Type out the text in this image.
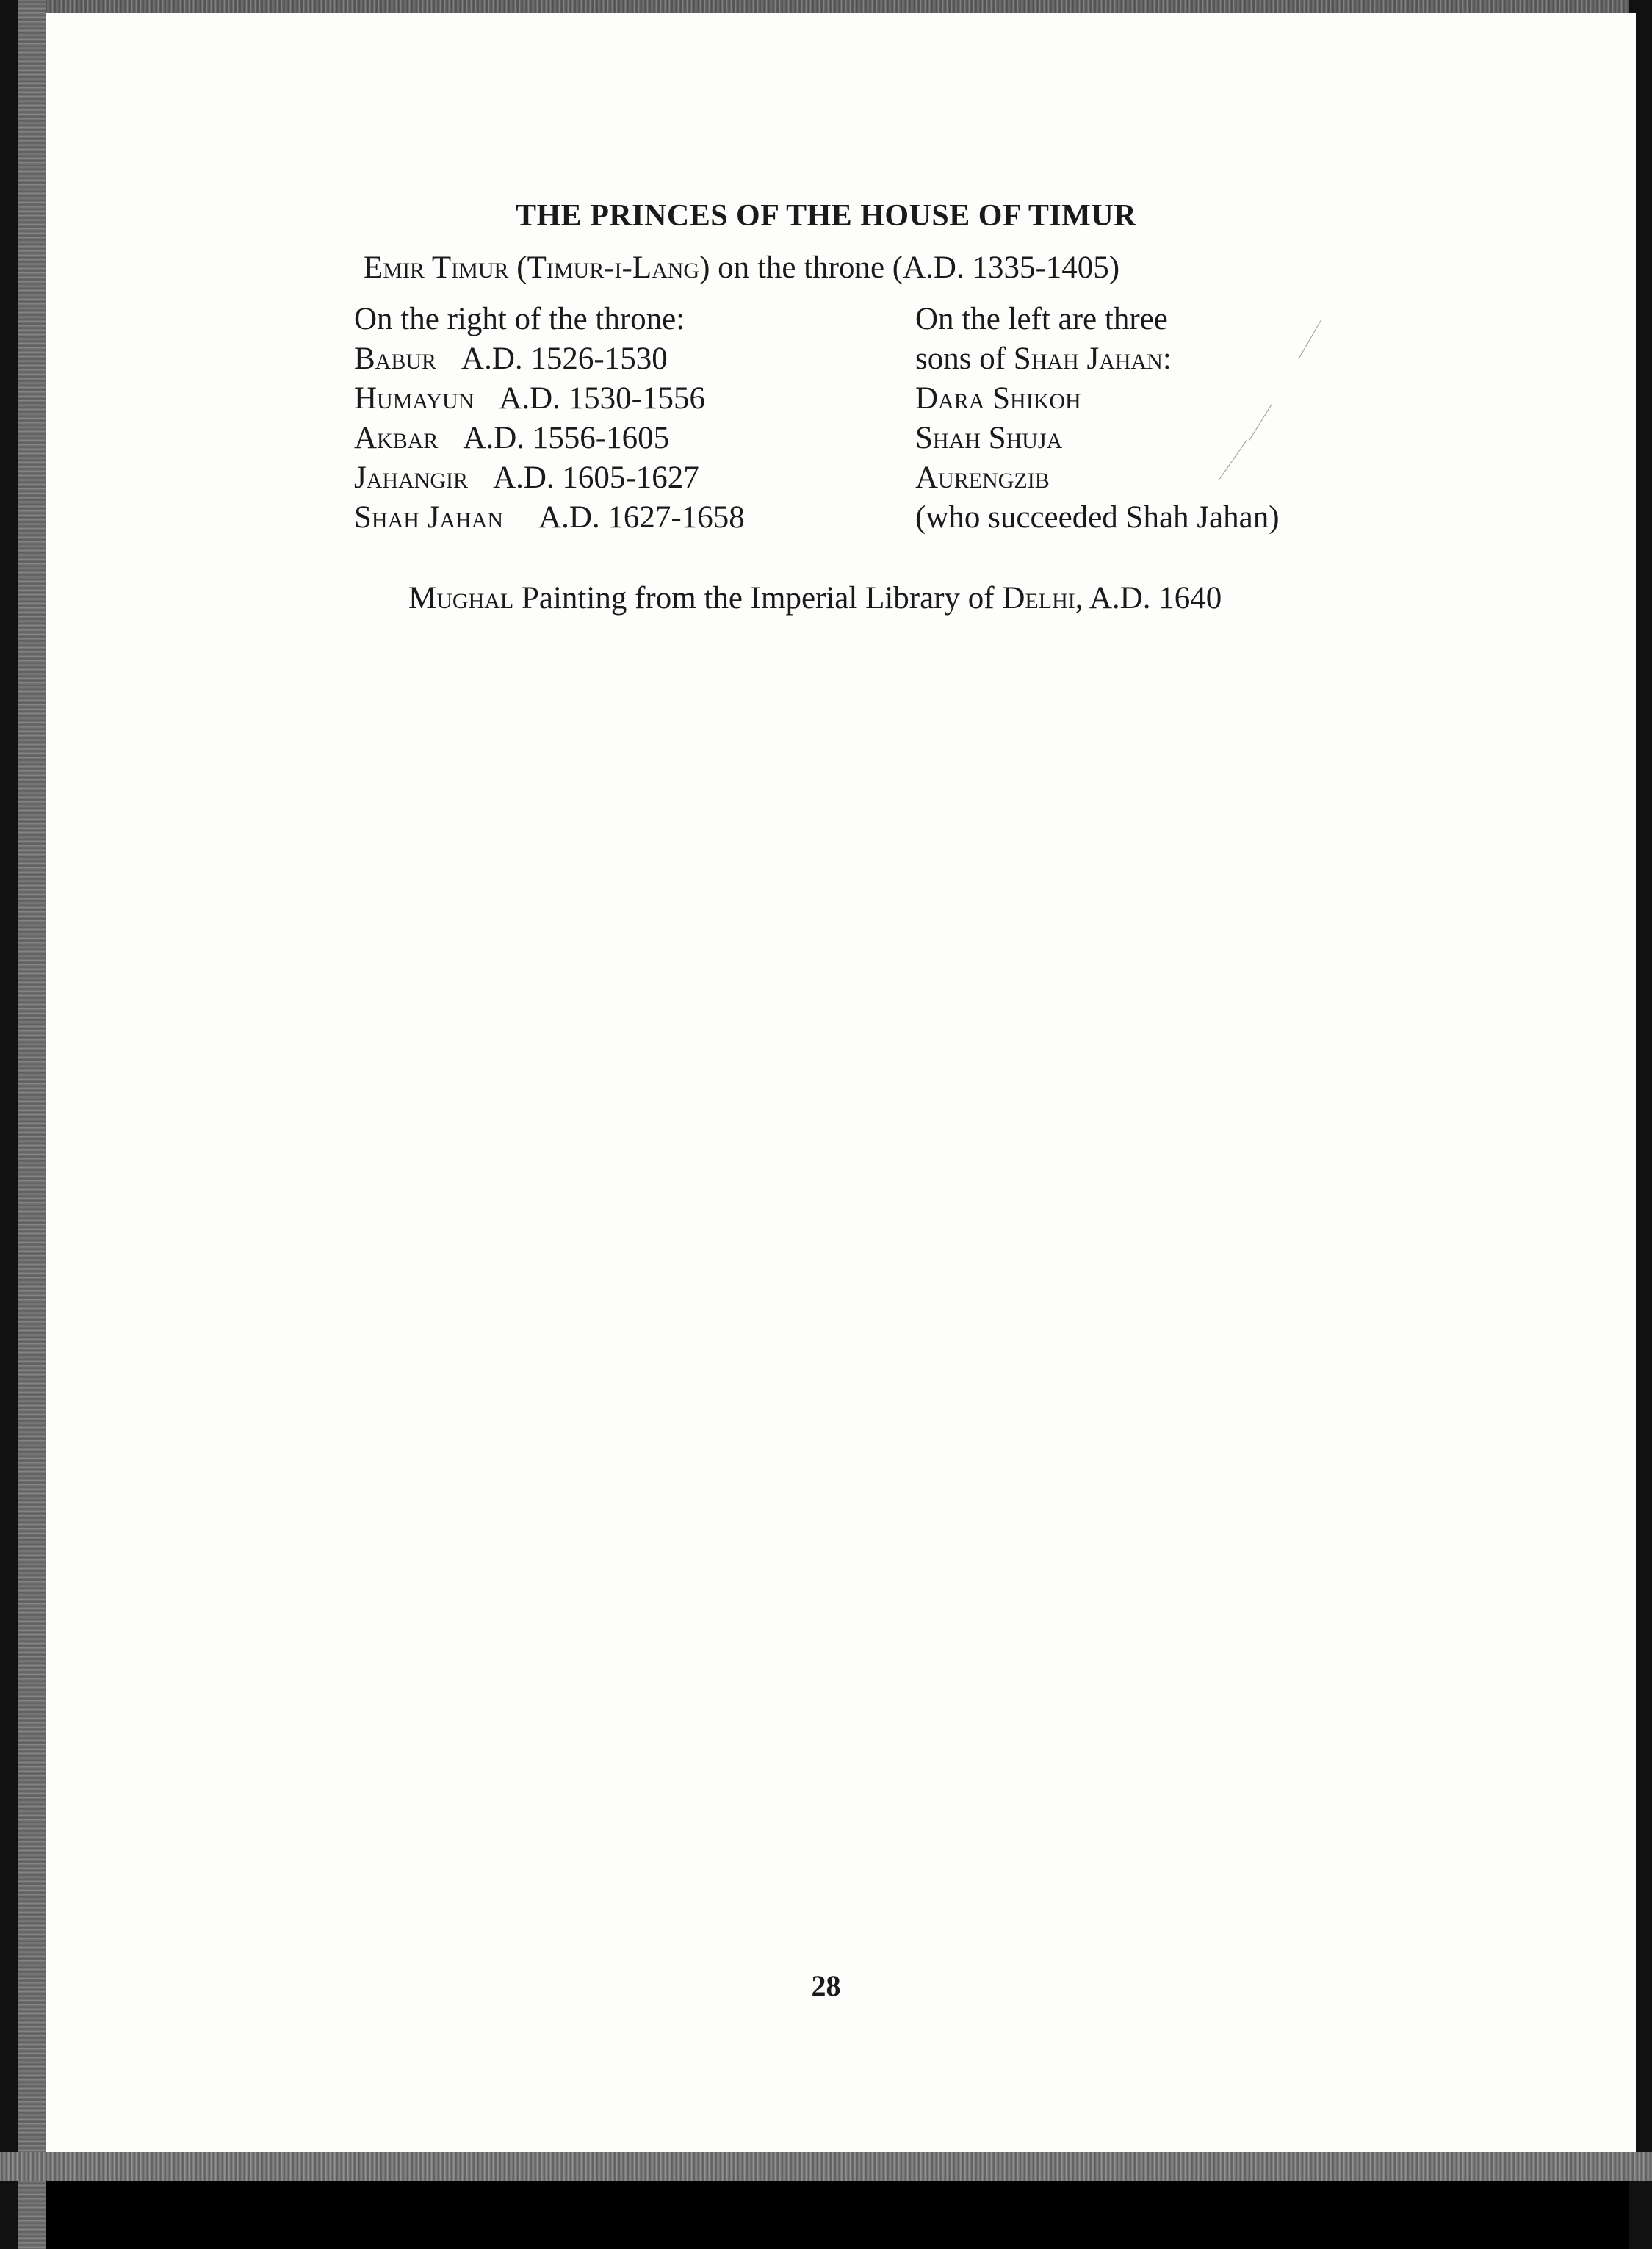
THE PRINCES OF THE HOUSE OF TIMUR
Emir Timur (Timur-i-Lang) on the throne (A.D. 1335-1405)
On the right of the throne:
Babur A.D. 1526-1530
Humayun A.D. 1530-1556
Akbar A.D. 1556-1605
Jahangir A.D. 1605-1627
Shah Jahan A.D. 1627-1658
On the left are three
sons of Shah Jahan:
Dara Shikoh
Shah Shuja
Aurengzib
(who succeeded Shah Jahan)
Mughal Painting from the Imperial Library of Delhi, A.D. 1640
28
